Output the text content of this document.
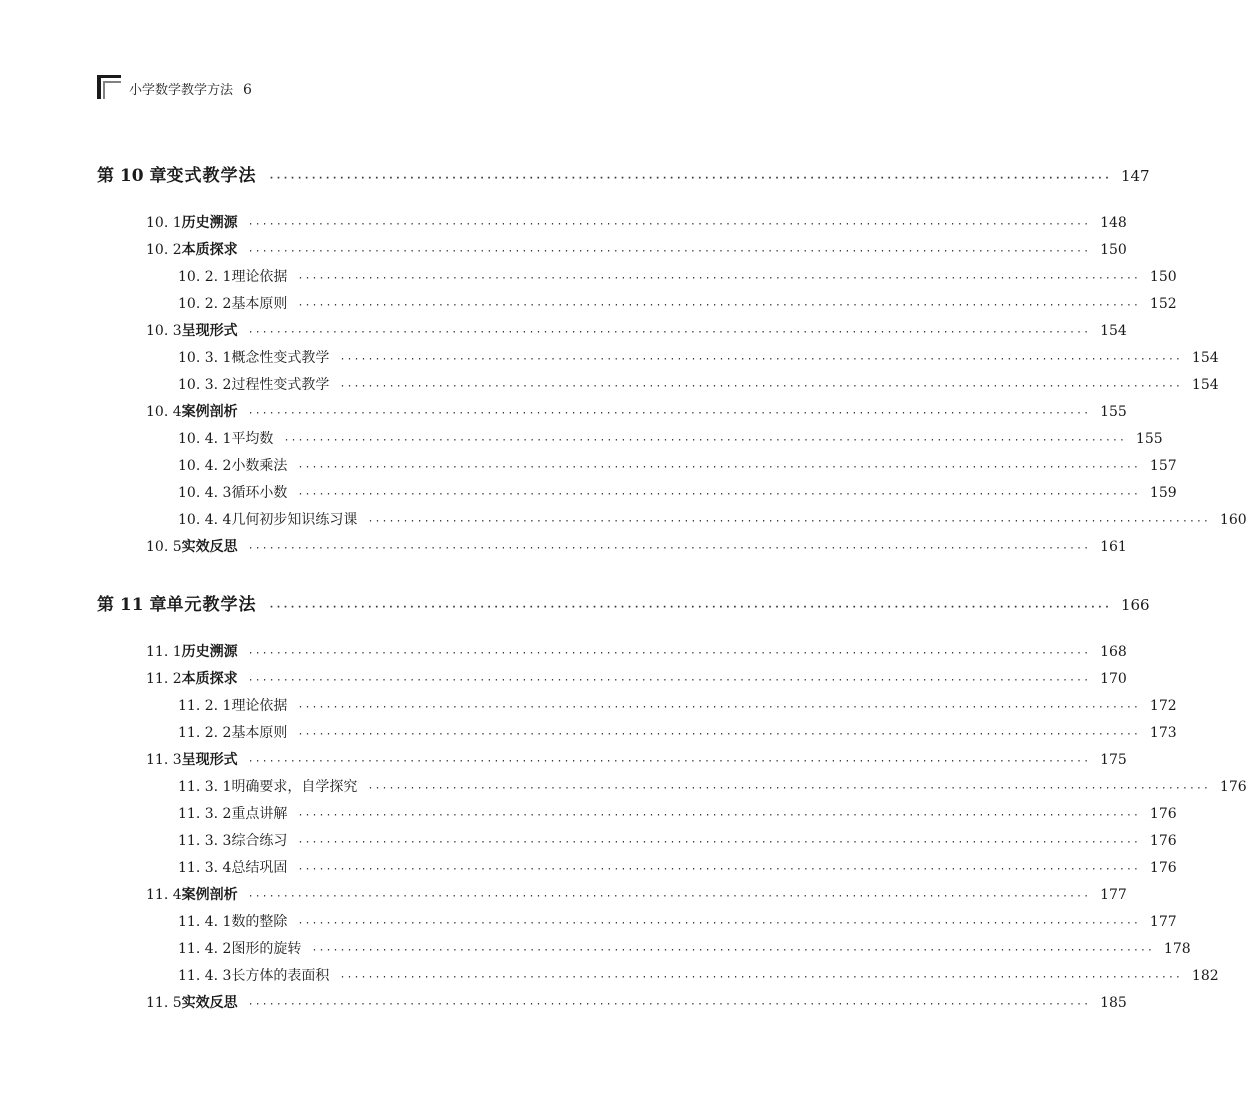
小学数学教学方法 6
第 10 章 变式教学法 ························································································································ 147
10. 1 历史溯源 ························································································································ 148
10. 2 本质探求 ························································································································ 150
10. 2. 1 理论依据 ························································································································ 150
10. 2. 2 基本原则 ························································································································ 152
10. 3 呈现形式 ························································································································ 154
10. 3. 1 概念性变式教学 ························································································································ 154
10. 3. 2 过程性变式教学 ························································································································ 154
10. 4 案例剖析 ························································································································ 155
10. 4. 1 平均数 ························································································································ 155
10. 4. 2 小数乘法 ························································································································ 157
10. 4. 3 循环小数 ························································································································ 159
10. 4. 4 几何初步知识练习课 ························································································································ 160
10. 5 实效反思 ························································································································ 161
第 11 章 单元教学法 ························································································································ 166
11. 1 历史溯源 ························································································································ 168
11. 2 本质探求 ························································································································ 170
11. 2. 1 理论依据 ························································································································ 172
11. 2. 2 基本原则 ························································································································ 173
11. 3 呈现形式 ························································································································ 175
11. 3. 1 明确要求，自学探究 ························································································································ 176
11. 3. 2 重点讲解 ························································································································ 176
11. 3. 3 综合练习 ························································································································ 176
11. 3. 4 总结巩固 ························································································································ 176
11. 4 案例剖析 ························································································································ 177
11. 4. 1 数的整除 ························································································································ 177
11. 4. 2 图形的旋转 ························································································································ 178
11. 4. 3 长方体的表面积 ························································································································ 182
11. 5 实效反思 ························································································································ 185
